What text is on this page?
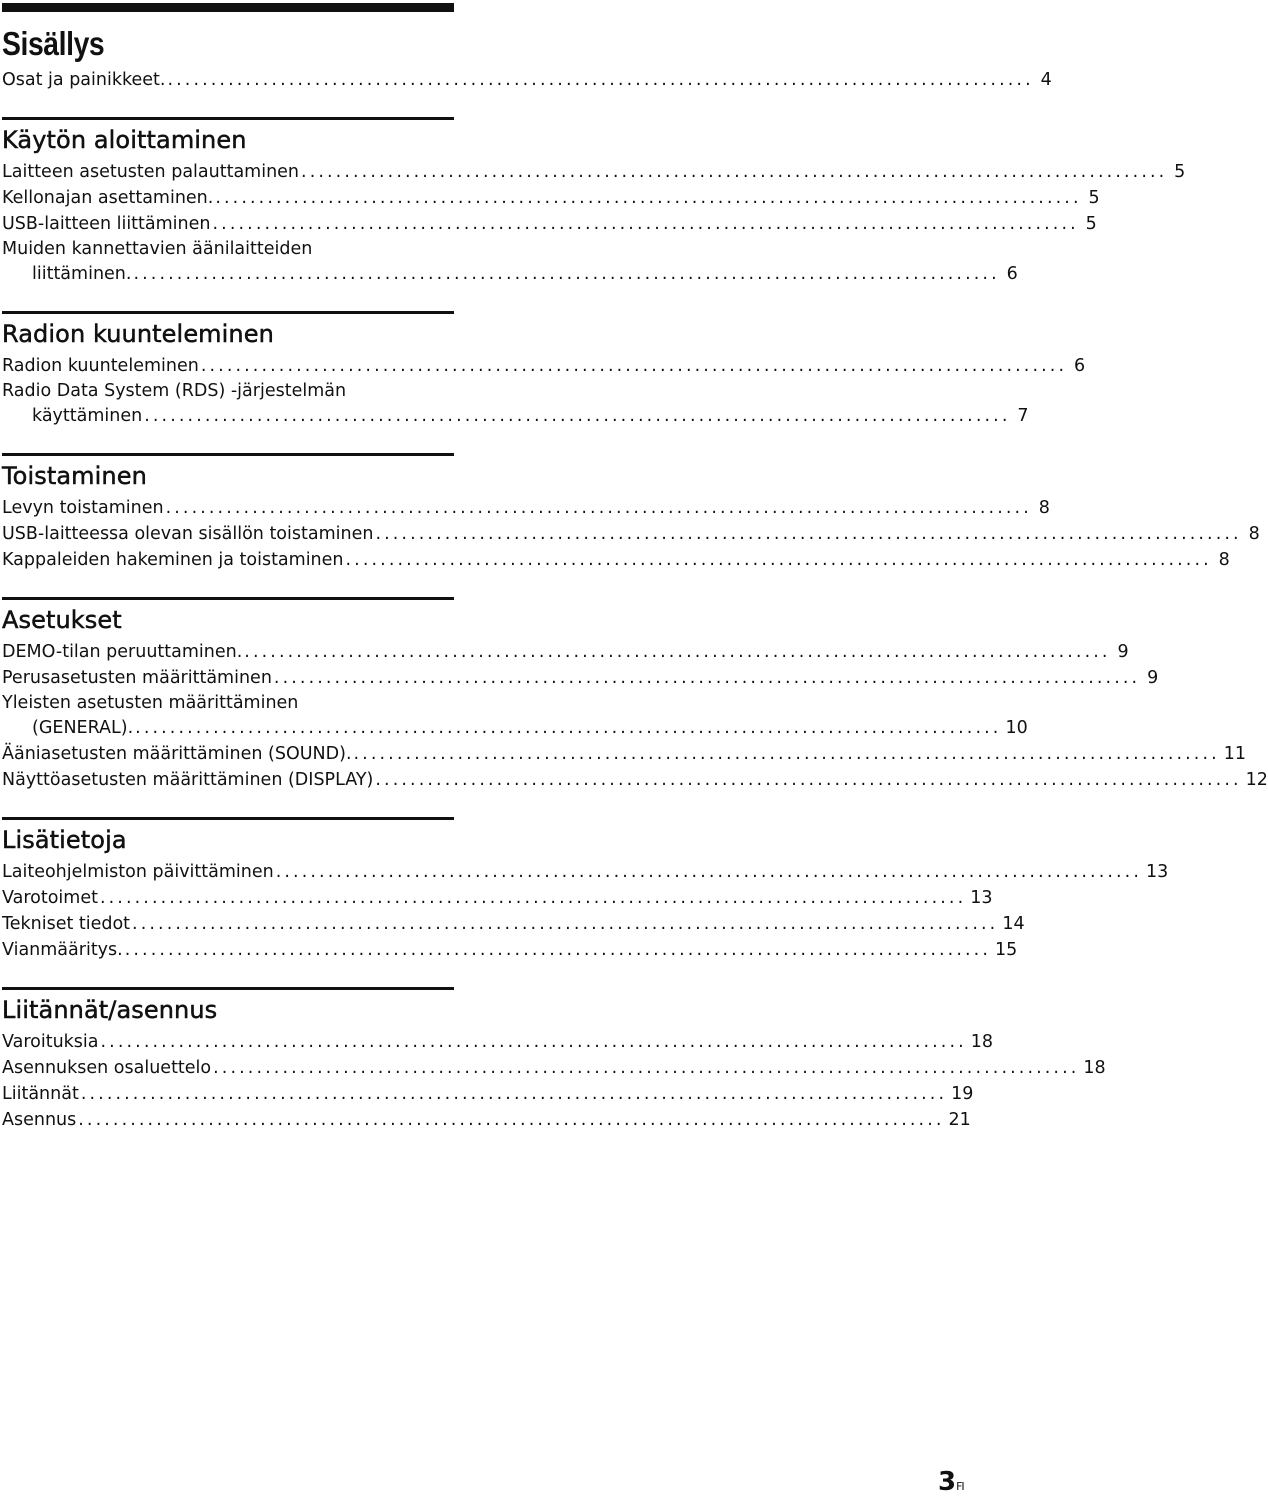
Sisällys
Osat ja painikkeet. .....	4
Käytön aloittaminen
Laitteen asetusten palauttaminen .....	5
Kellonajan asettaminen. .....	5
USB-laitteen liittäminen .....	5
Muiden kannettavien äänilaitteiden
liittäminen. .....	6
Radion kuunteleminen
Radion kuunteleminen .....	6
Radio Data System (RDS) -järjestelmän
käyttäminen .....	7
Toistaminen
Levyn toistaminen .....	8
USB-laitteessa olevan sisällön toistaminen .....	8
Kappaleiden hakeminen ja toistaminen .....	8
Asetukset
DEMO-tilan peruuttaminen. .....	9
Perusasetusten määrittäminen .....	9
Yleisten asetusten määrittäminen
(GENERAL). .....	10
Ääniasetusten määrittäminen (SOUND). .....	11
Näyttöasetusten määrittäminen (DISPLAY) .....	12
Lisätietoja
Laiteohjelmiston päivittäminen .....	13
Varotoimet .....	13
Tekniset tiedot .....	14
Vianmääritys. .....	15
Liitännät/asennus
Varoituksia .....	18
Asennuksen osaluettelo .....	18
Liitännät .....	19
Asennus .....	21
3FI
